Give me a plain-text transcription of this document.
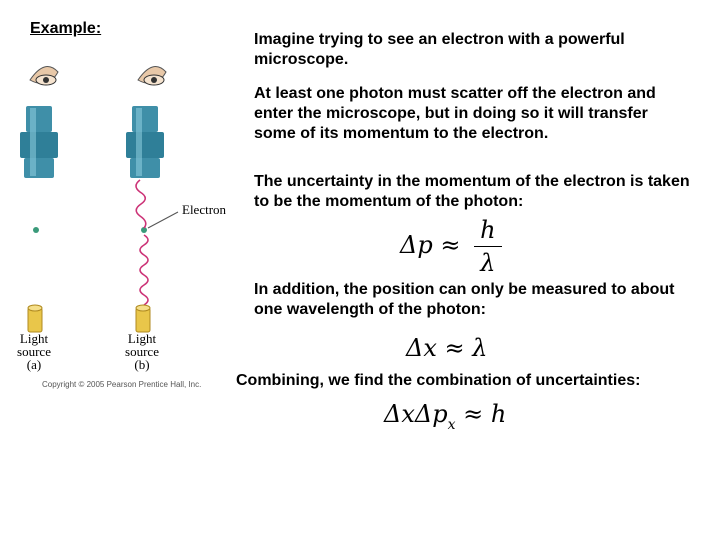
Example:
Electron
Light
source
(a)
Light
source
(b)
Copyright © 2005 Pearson Prentice Hall, Inc.
Imagine trying to see an electron with a powerful microscope.
At least one photon must scatter off the electron and enter the microscope, but in doing so it will transfer some of its momentum to the electron.
The uncertainty in the momentum of the electron is taken to be the momentum of the photon:
$\Delta p \approx \frac{h}{\lambda}$
In addition, the position can only be measured to about one wavelength of the photon:
Δx ≈ λ
Combining, we find the combination of uncertainties:
ΔxΔp$_x$ ≈ h
